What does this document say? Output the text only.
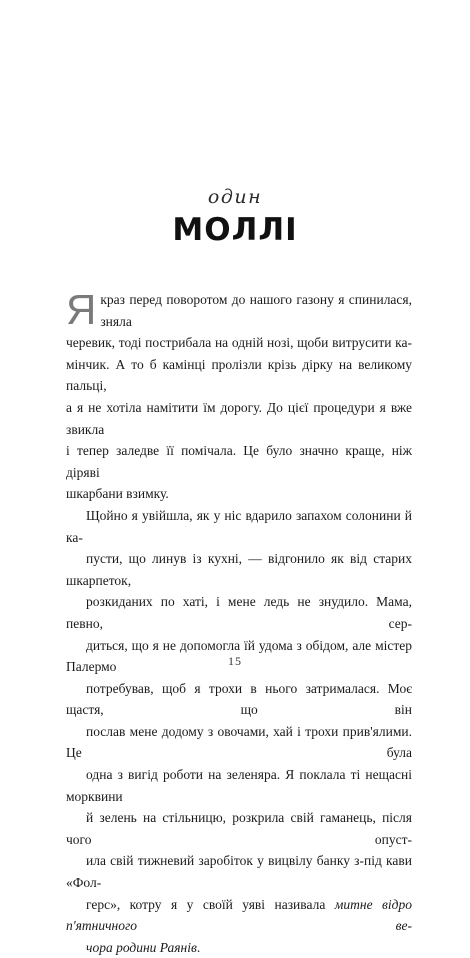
один
МОЛЛІ

Я краз перед поворотом до нашого газону я спинилася, зняла
черевик, тоді пострибала на одній нозі, щоби витрусити ка-
мінчик. А то б камінці пролізли крізь дірку на великому пальці,
а я не хотіла намітити їм дорогу. До цієї процедури я вже звикла
і тепер заледве її помічала. Це було значно краще, ніж діряві
шкарбани взимку.

Щойно я увійшла, як у ніс вдарило запахом солонини й ка-
пусти, що линув із кухні, — відгонило як від старих шкарпеток,
розкиданих по хаті, і мене ледь не знудило. Мама, певно, сер-
диться, що я не допомогла їй удома з обідом, але містер Палермо
потребував, щоб я трохи в нього затрималася. Моє щастя, що він
послав мене додому з овочами, хай і трохи прив'ялими. Це була
одна з вигід роботи на зеленяра. Я поклала ті нещасні морквини
й зелень на стільницю, розкрила свій гаманець, після чого опуст-
ила свій тижневий заробіток у вицвілу банку з-під кави «Фол-
герс», котру я у своїй уяві називала митне відро п'ятничного ве-
чора родини Раянів.

15
